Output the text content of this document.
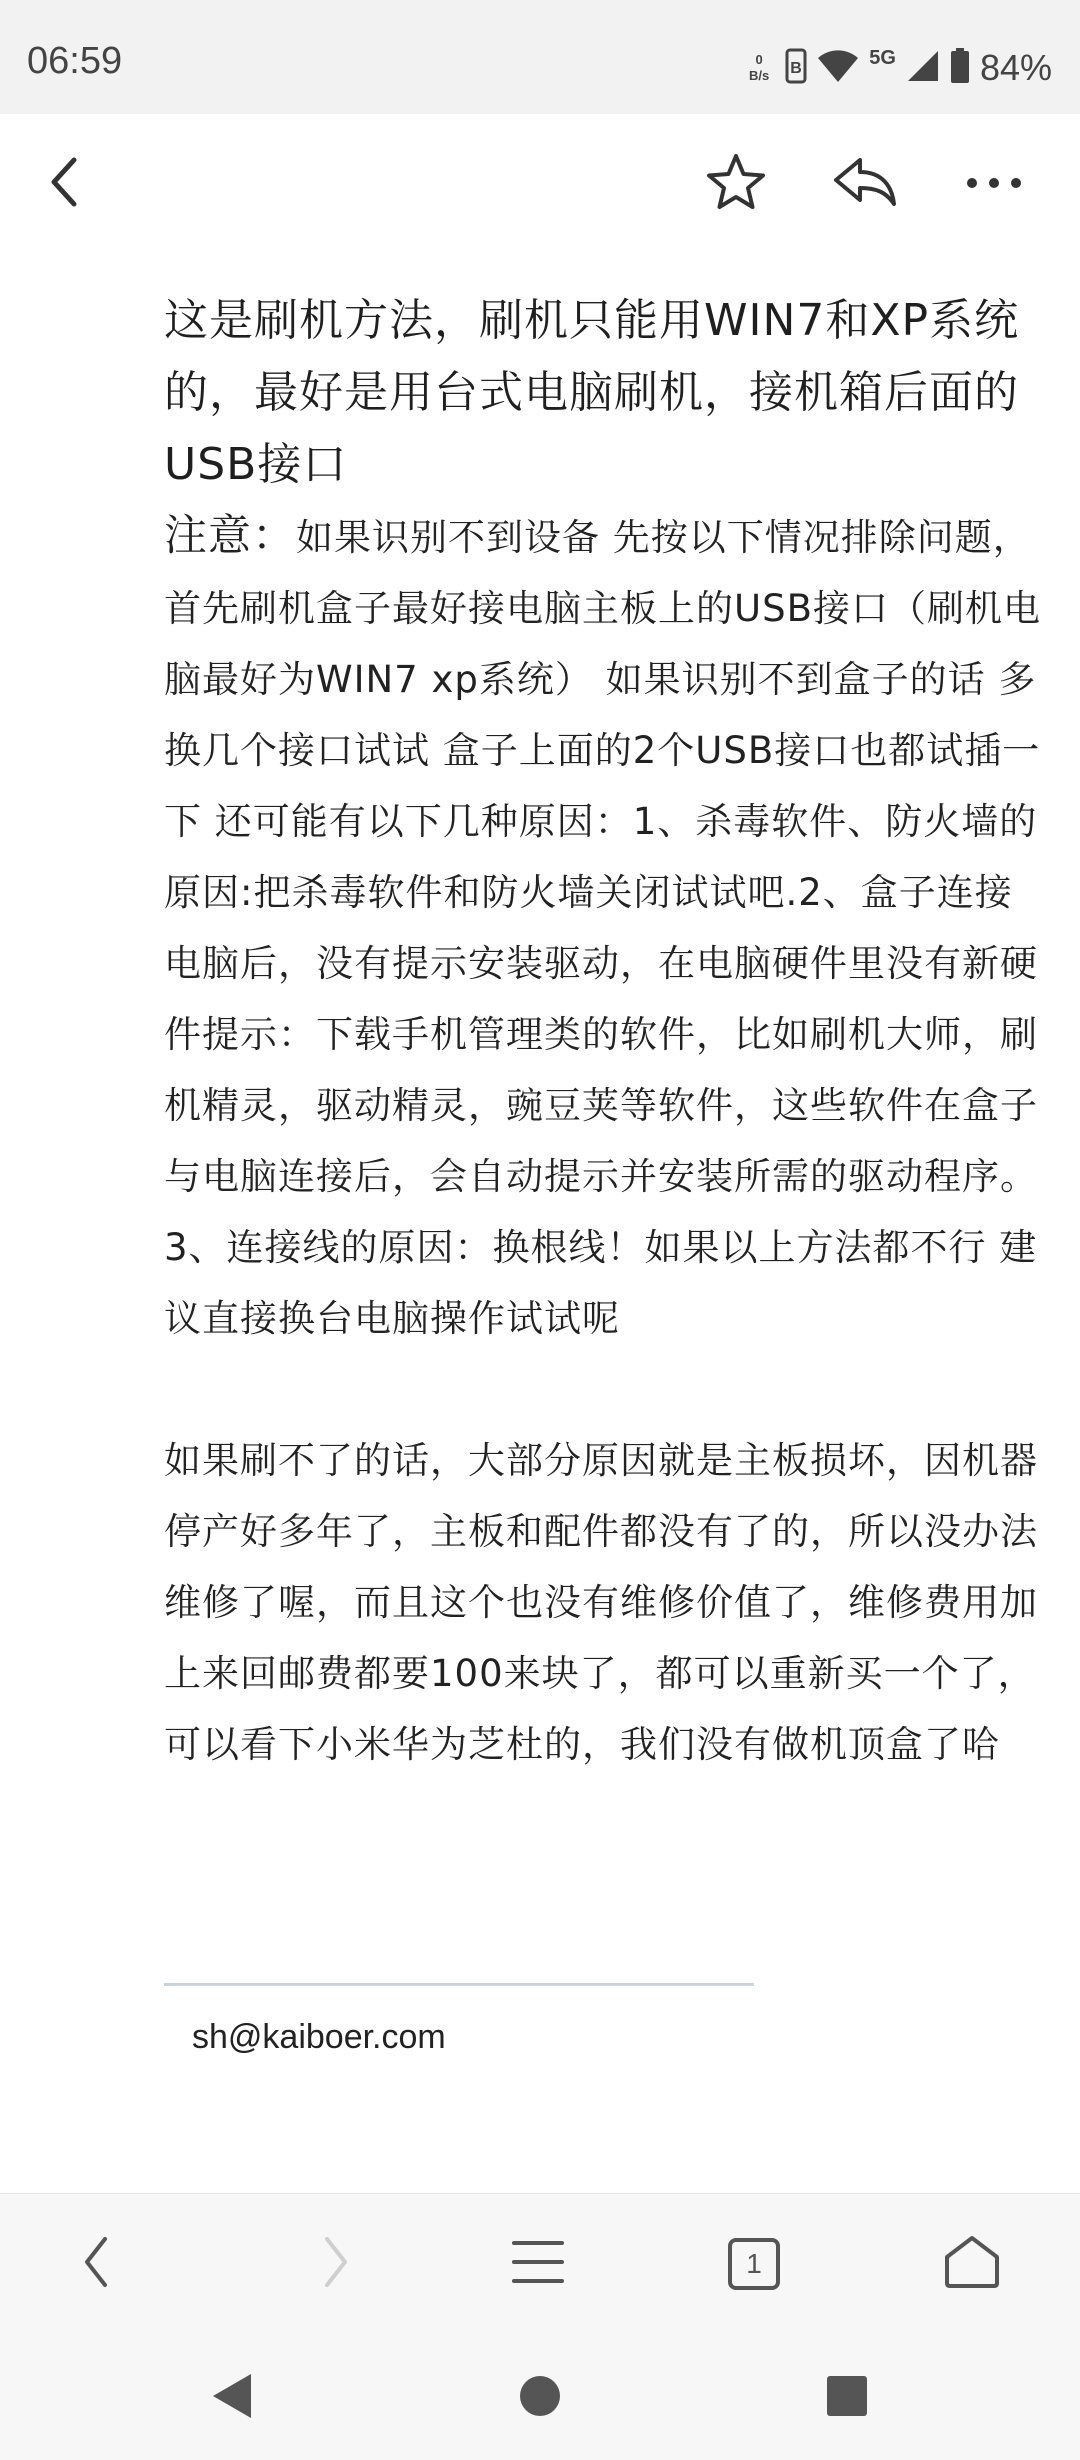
06:59	0
B/s B	5G 84%

这是刷机方法，刷机只能用WIN7和XP系统的，最好是用台式电脑刷机，接机箱后面的USB接口

注意：如果识别不到设备 先按以下情况排除问题，首先刷机盒子最好接电脑主板上的USB接口（刷机电脑最好为WIN7 xp系统） 如果识别不到盒子的话 多换几个接口试试 盒子上面的2个USB接口也都试插一下 还可能有以下几种原因：1、杀毒软件、防火墙的原因:把杀毒软件和防火墙关闭试试吧.2、盒子连接电脑后，没有提示安装驱动，在电脑硬件里没有新硬件提示：下载手机管理类的软件，比如刷机大师，刷机精灵，驱动精灵，豌豆荚等软件，这些软件在盒子与电脑连接后，会自动提示并安装所需的驱动程序。3、连接线的原因：换根线！如果以上方法都不行 建议直接换台电脑操作试试呢

如果刷不了的话，大部分原因就是主板损坏，因机器停产好多年了，主板和配件都没有了的，所以没办法维修了喔，而且这个也没有维修价值了，维修费用加上来回邮费都要100来块了，都可以重新买一个了，可以看下小米华为芝杜的，我们没有做机顶盒了哈

sh@kaiboer.com
1
